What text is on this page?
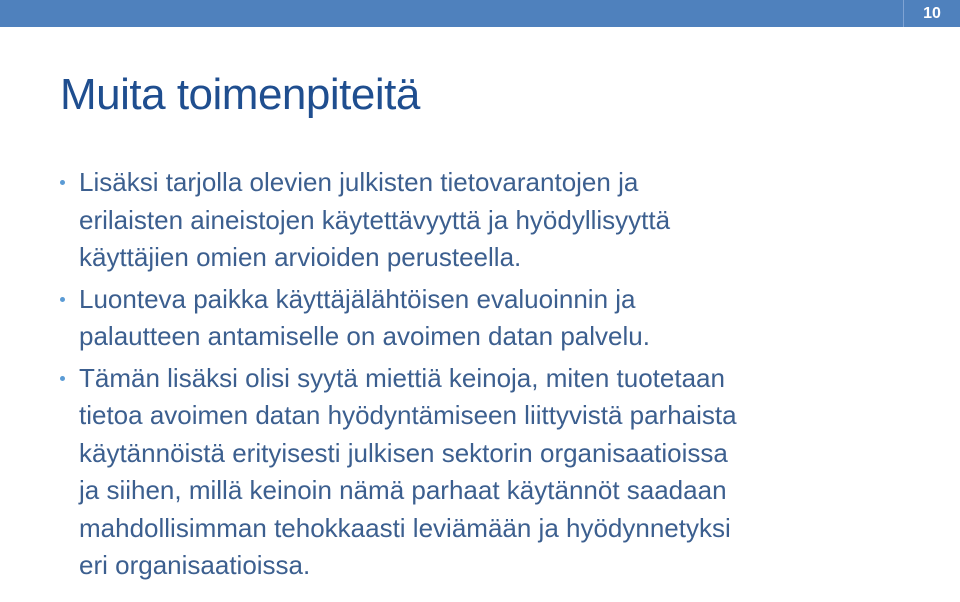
10
Muita toimenpiteitä
Lisäksi tarjolla olevien julkisten tietovarantojen ja
erilaisten aineistojen käytettävyyttä ja hyödyllisyyttä
käyttäjien omien arvioiden perusteella.
Luonteva paikka käyttäjälähtöisen evaluoinnin ja
palautteen antamiselle on avoimen datan palvelu.
Tämän lisäksi olisi syytä miettiä keinoja, miten tuotetaan
tietoa avoimen datan hyödyntämiseen liittyvistä parhaista
käytännöistä erityisesti julkisen sektorin organisaatioissa
ja siihen, millä keinoin nämä parhaat käytännöt saadaan
mahdollisimman tehokkaasti leviämään ja hyödynnetyksi
eri organisaatioissa.
